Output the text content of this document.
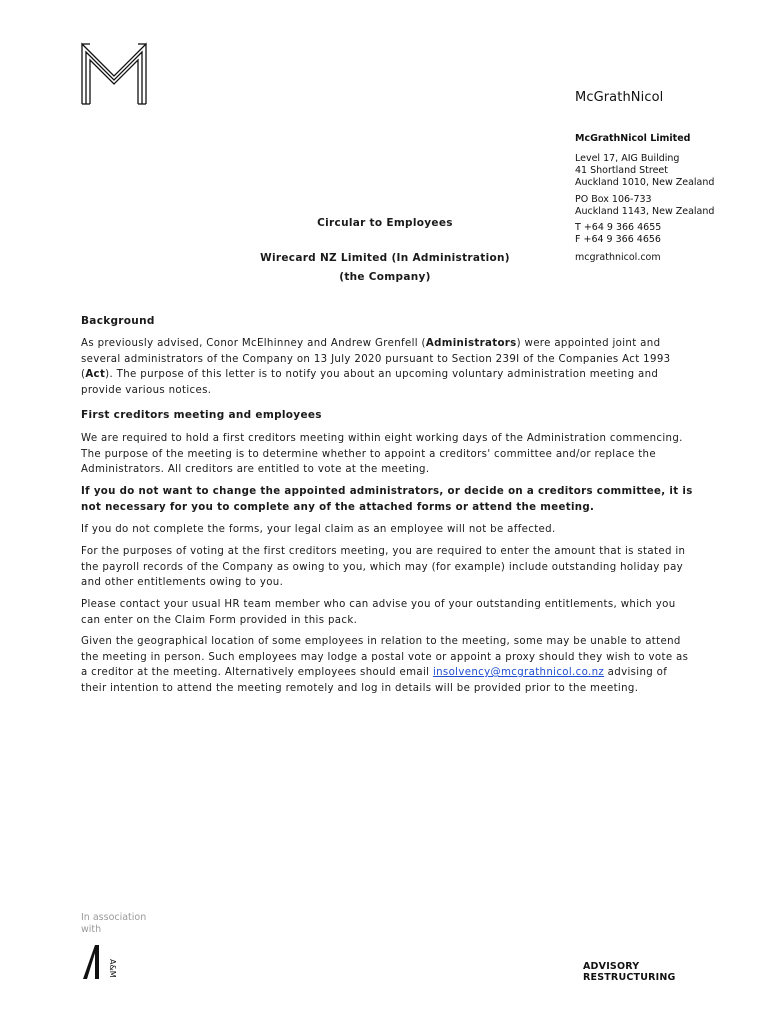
McGrathNicol
McGrathNicol Limited
Level 17, AIG Building
41 Shortland Street
Auckland 1010, New Zealand
PO Box 106-733
Auckland 1143, New Zealand
T +64 9 366 4655
F +64 9 366 4656
mcgrathnicol.com
Circular to Employees
Wirecard NZ Limited (In Administration)
(the Company)
Background
As previously advised, Conor McElhinney and Andrew Grenfell (Administrators) were appointed joint and several administrators of the Company on 13 July 2020 pursuant to Section 239I of the Companies Act 1993 (Act). The purpose of this letter is to notify you about an upcoming voluntary administration meeting and provide various notices.
First creditors meeting and employees
We are required to hold a first creditors meeting within eight working days of the Administration commencing. The purpose of the meeting is to determine whether to appoint a creditors' committee and/or replace the Administrators. All creditors are entitled to vote at the meeting.
If you do not want to change the appointed administrators, or decide on a creditors committee, it is not necessary for you to complete any of the attached forms or attend the meeting.
If you do not complete the forms, your legal claim as an employee will not be affected.
For the purposes of voting at the first creditors meeting, you are required to enter the amount that is stated in the payroll records of the Company as owing to you, which may (for example) include outstanding holiday pay and other entitlements owing to you.
Please contact your usual HR team member who can advise you of your outstanding entitlements, which you can enter on the Claim Form provided in this pack.
Given the geographical location of some employees in relation to the meeting, some may be unable to attend the meeting in person. Such employees may lodge a postal vote or appoint a proxy should they wish to vote as a creditor at the meeting. Alternatively employees should email insolvency@mcgrathnicol.co.nz advising of their intention to attend the meeting remotely and log in details will be provided prior to the meeting.
In association
with
A&M	ADVISORY
RESTRUCTURING
